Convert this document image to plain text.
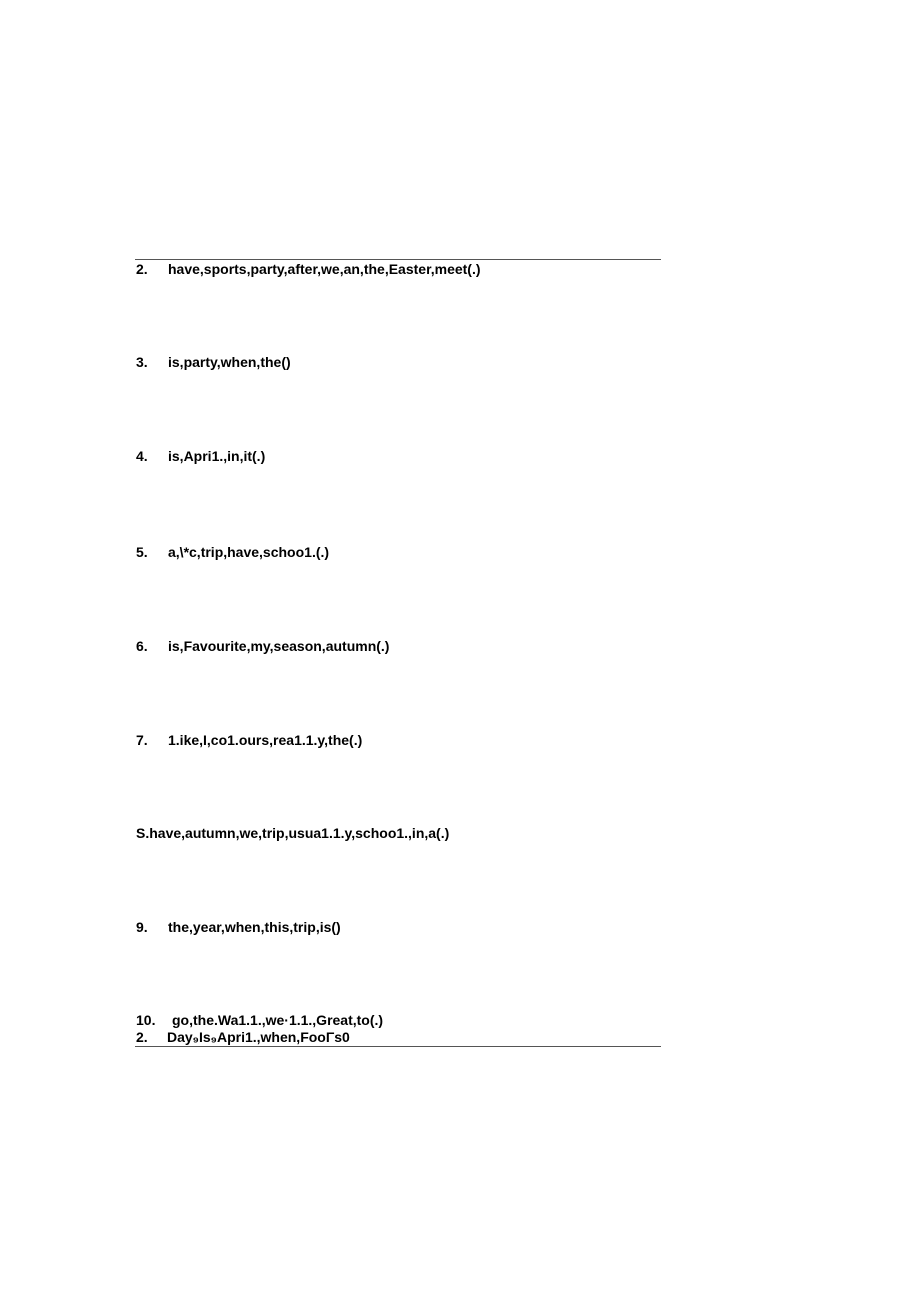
2. have,sports,party,after,we,an,the,Easter,meet(.)
3. is,party,when,the()
4. is,Apri1.,in,it(.)
5. a,\*c,trip,have,schoo1.(.)
6. is,Favourite,my,season,autumn(.)
7. 1.ike,I,co1.ours,rea1.1.y,the(.)
S.have,autumn,we,trip,usua1.1.y,schoo1.,in,a(.)
9. the,year,when,this,trip,is()
10. go,the.Wa1.1.,we·1.1.,Great,to(.)
2. Day₉Is₉Apri1.,when,FooΓs0
